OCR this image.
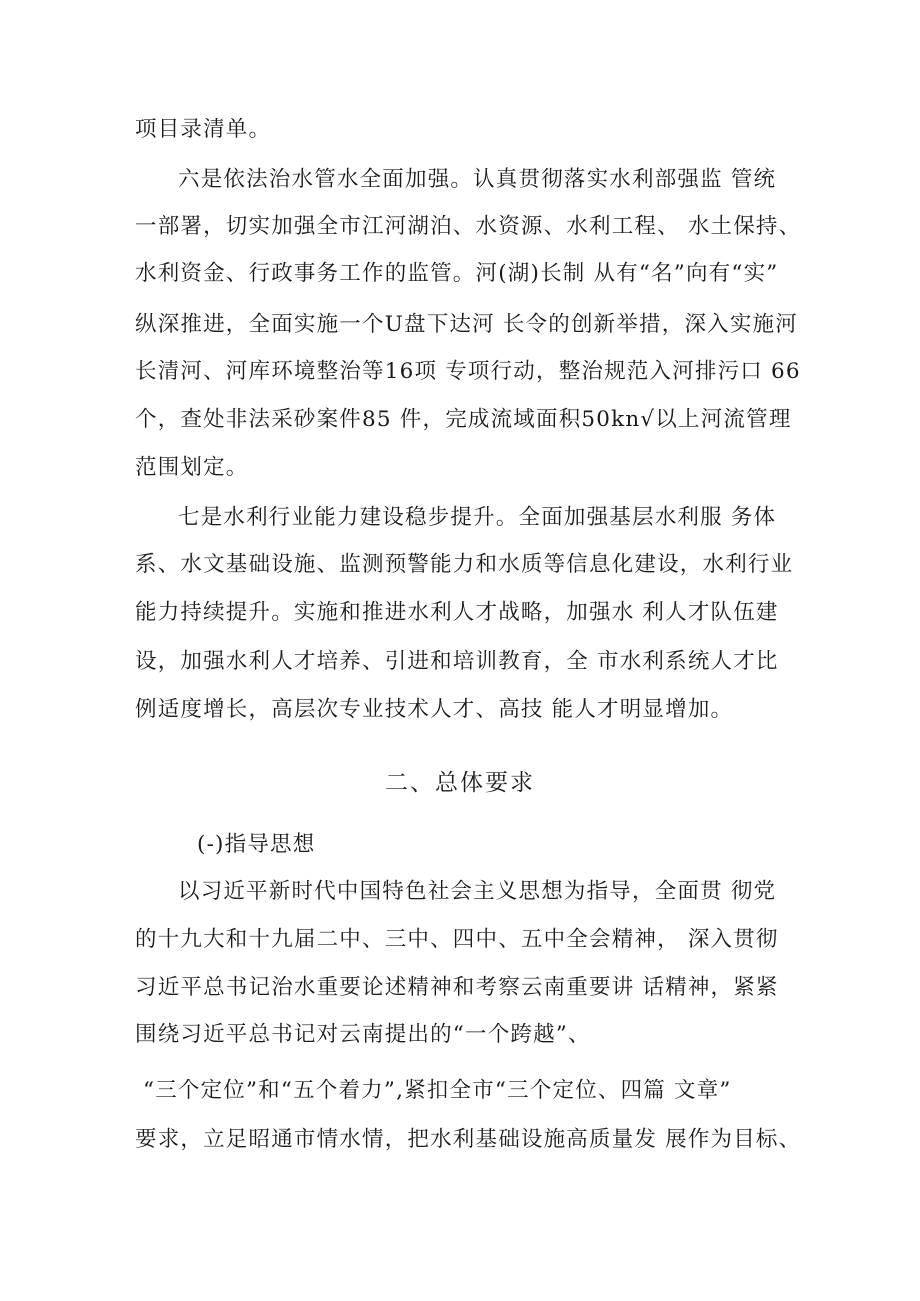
项目录清单。
六是依法治水管水全面加强。认真贯彻落实水利部强监 管统
一部署，切实加强全市江河湖泊、水资源、水利工程、 水土保持、
水利资金、行政事务工作的监管。河(湖)长制 从有“名”向有“实”
纵深推进，全面实施一个U盘下达河 长令的创新举措，深入实施河
长清河、河库环境整治等16项 专项行动，整治规范入河排污口 66
个，查处非法采砂案件85 件，完成流域面积50kn√以上河流管理
范围划定。
七是水利行业能力建设稳步提升。全面加强基层水利服 务体
系、水文基础设施、监测预警能力和水质等信息化建设，水利行业
能力持续提升。实施和推进水利人才战略，加强水 利人才队伍建
设，加强水利人才培养、引进和培训教育，全 市水利系统人才比
例适度增长，高层次专业技术人才、高技 能人才明显增加。
二、总体要求
(-)指导思想
以习近平新时代中国特色社会主义思想为指导，全面贯 彻党
的十九大和十九届二中、三中、四中、五中全会精神， 深入贯彻
习近平总书记治水重要论述精神和考察云南重要讲 话精神，紧紧
围绕习近平总书记对云南提出的“一个跨越”、
“三个定位”和“五个着力”,紧扣全市“三个定位、四篇 文章”
要求，立足昭通市情水情，把水利基础设施高质量发 展作为目标、
